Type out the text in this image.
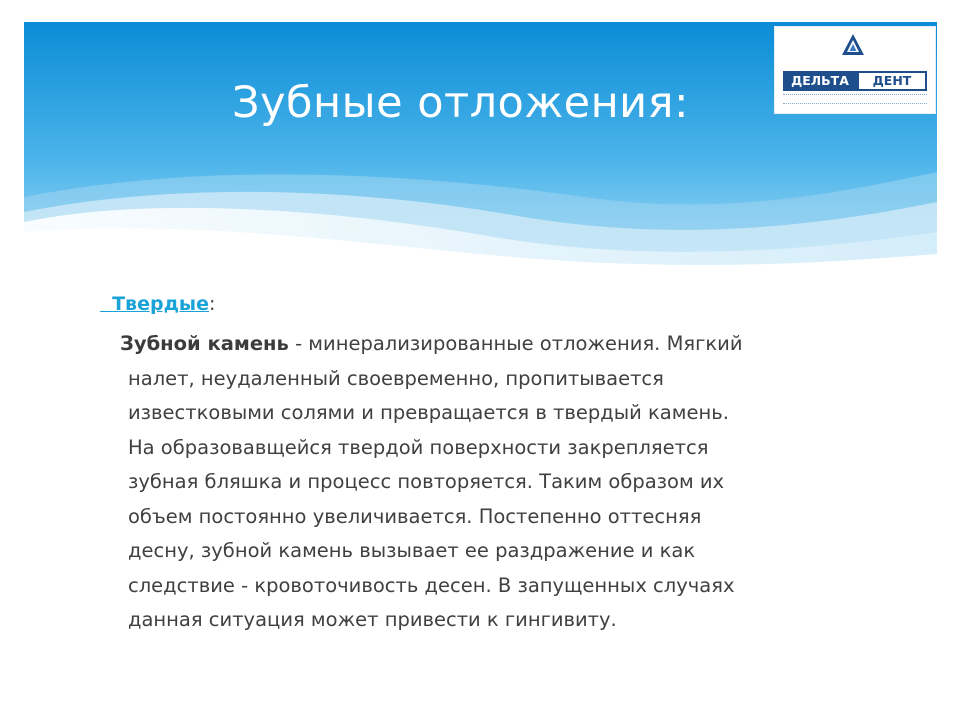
Зубные отложения:	ДЕЛЬТА	ДЕНТ

Твердые:

Зубной камень - минерализированные отложения. Мягкий
налет, неудаленный своевременно, пропитывается
известковыми солями и превращается в твердый камень.
На образовавщейся твердой поверхности закрепляется
зубная бляшка и процесс повторяется. Таким образом их
объем постоянно увеличивается. Постепенно оттесняя
десну, зубной камень вызывает ее раздражение и как
следствие - кровоточивость десен. В запущенных случаях
данная ситуация может привести к гингивиту.
